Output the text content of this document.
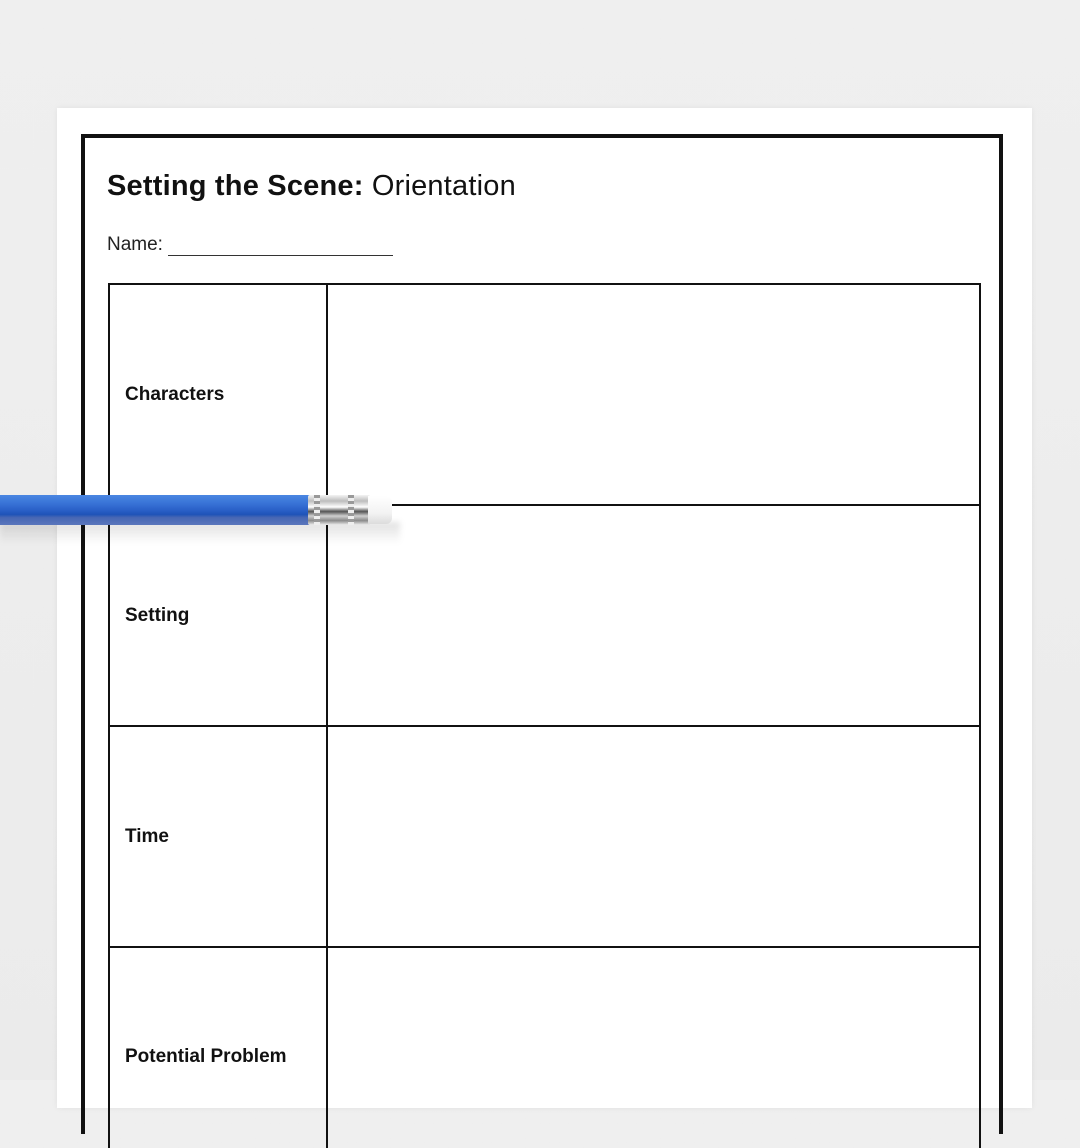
Setting the Scene: Orientation
Name:
Characters
Setting
Time
Potential Problem
